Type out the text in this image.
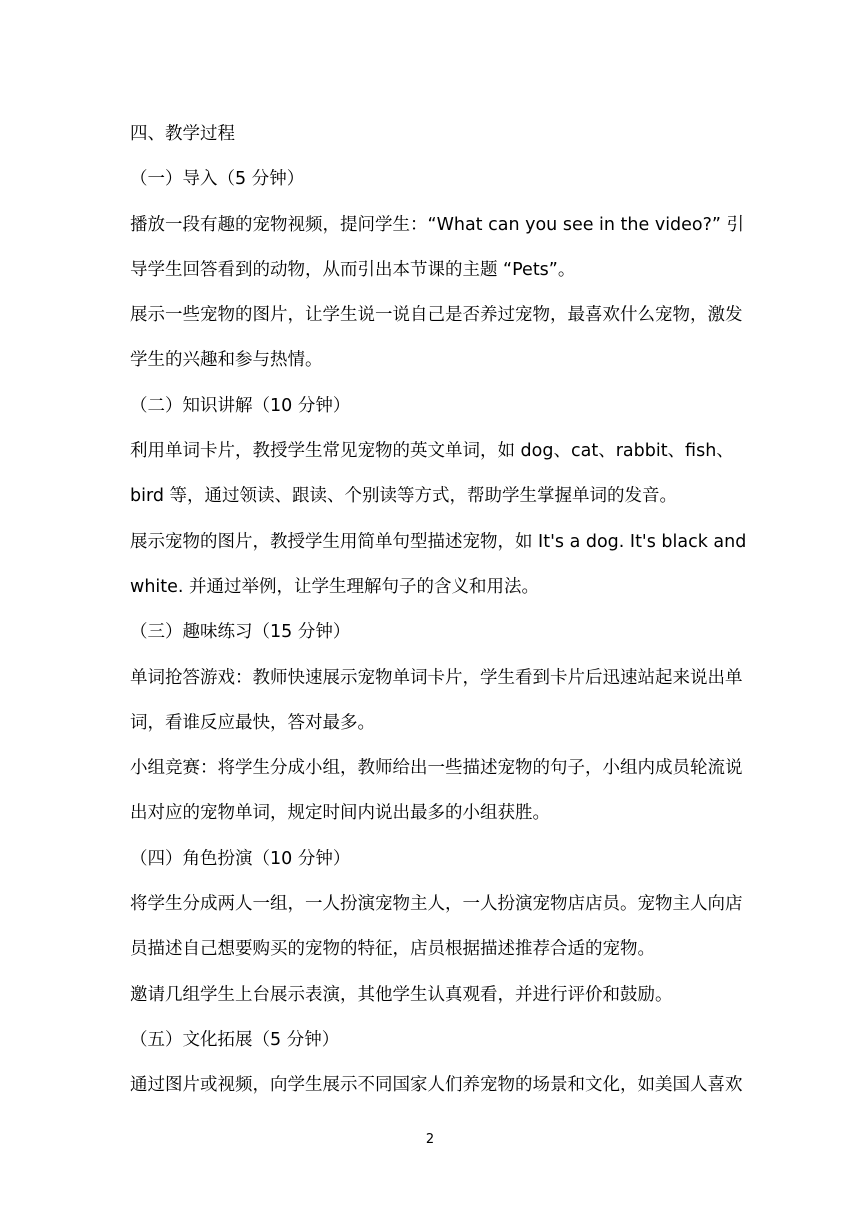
四、教学过程
（一）导入（5 分钟）
播放一段有趣的宠物视频，提问学生：“What can you see in the video?” 引
导学生回答看到的动物，从而引出本节课的主题 “Pets”。
展示一些宠物的图片，让学生说一说自己是否养过宠物，最喜欢什么宠物，激发
学生的兴趣和参与热情。
（二）知识讲解（10 分钟）
利用单词卡片，教授学生常见宠物的英文单词，如 dog、cat、rabbit、fish、
bird 等，通过领读、跟读、个别读等方式，帮助学生掌握单词的发音。
展示宠物的图片，教授学生用简单句型描述宠物，如 It's a dog. It's black and
white. 并通过举例，让学生理解句子的含义和用法。
（三）趣味练习（15 分钟）
单词抢答游戏：教师快速展示宠物单词卡片，学生看到卡片后迅速站起来说出单
词，看谁反应最快，答对最多。
小组竞赛：将学生分成小组，教师给出一些描述宠物的句子，小组内成员轮流说
出对应的宠物单词，规定时间内说出最多的小组获胜。
（四）角色扮演（10 分钟）
将学生分成两人一组，一人扮演宠物主人，一人扮演宠物店店员。宠物主人向店
员描述自己想要购买的宠物的特征，店员根据描述推荐合适的宠物。
邀请几组学生上台展示表演，其他学生认真观看，并进行评价和鼓励。
（五）文化拓展（5 分钟）
通过图片或视频，向学生展示不同国家人们养宠物的场景和文化，如美国人喜欢
2
